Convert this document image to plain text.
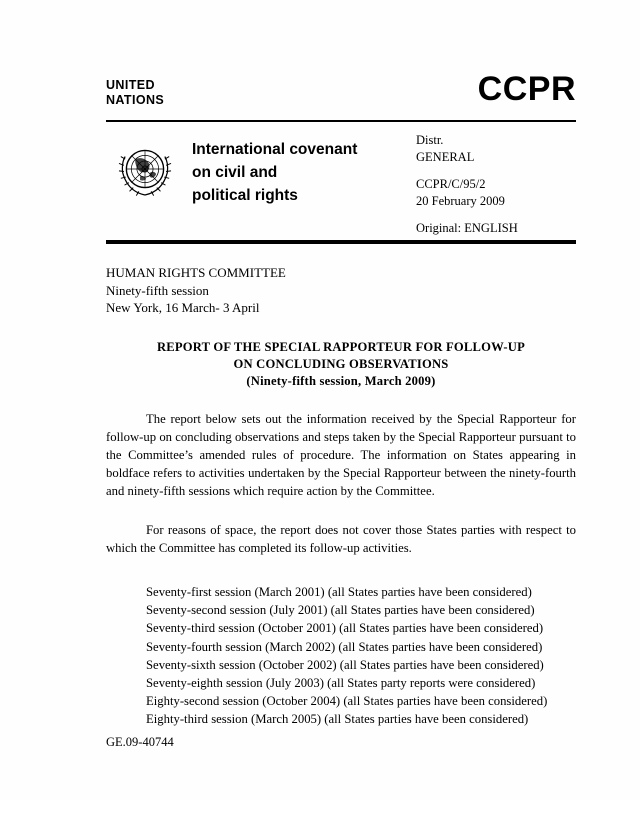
UNITED
NATIONS	CCPR
International covenant
on civil and
political rights
Distr.
GENERAL
CCPR/C/95/2
20 February 2009
Original: ENGLISH
HUMAN RIGHTS COMMITTEE
Ninety-fifth session
New York, 16 March- 3 April
REPORT OF THE SPECIAL RAPPORTEUR FOR FOLLOW-UP
ON CONCLUDING OBSERVATIONS
(Ninety-fifth session, March 2009)

The report below sets out the information received by the Special Rapporteur for follow-up on concluding observations and steps taken by the Special Rapporteur pursuant to the Committee’s amended rules of procedure. The information on States appearing in boldface refers to activities undertaken by the Special Rapporteur between the ninety-fourth and ninety-fifth sessions which require action by the Committee.

For reasons of space, the report does not cover those States parties with respect to which the Committee has completed its follow-up activities.

Seventy-first session (March 2001) (all States parties have been considered)
Seventy-second session (July 2001) (all States parties have been considered)
Seventy-third session (October 2001) (all States parties have been considered)
Seventy-fourth session (March 2002) (all States parties have been considered)
Seventy-sixth session (October 2002) (all States parties have been considered)
Seventy-eighth session (July 2003) (all States party reports were considered)
Eighty-second session (October 2004) (all States parties have been considered)
Eighty-third session (March 2005) (all States parties have been considered)
GE.09-40744
